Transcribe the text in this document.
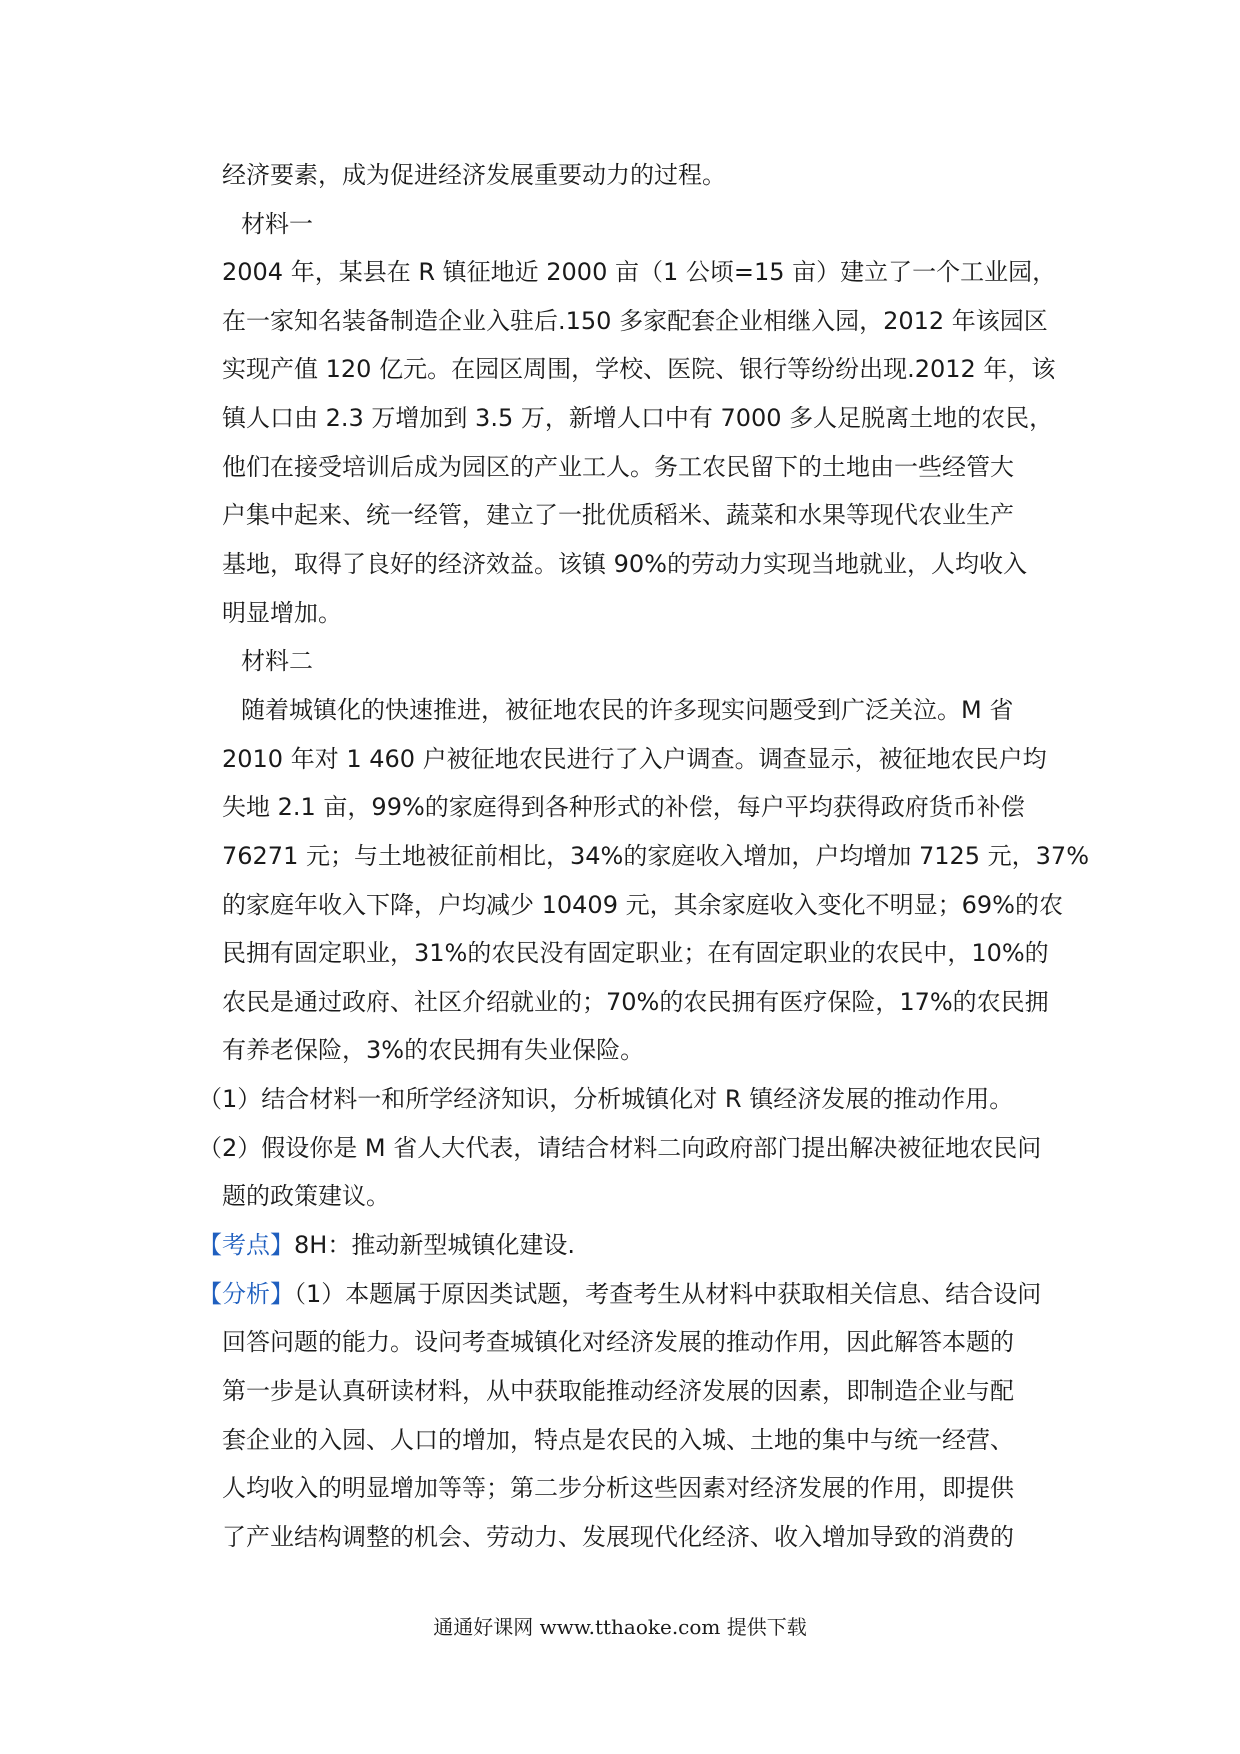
经济要素，成为促进经济发展重要动力的过程。
材料一
2004 年，某县在 R 镇征地近 2000 亩（1 公顷=15 亩）建立了一个工业园，
在一家知名装备制造企业入驻后.150 多家配套企业相继入园，2012 年该园区
实现产值 120 亿元。在园区周围，学校、医院、银行等纷纷出现.2012 年，该
镇人口由 2.3 万增加到 3.5 万，新增人口中有 7000 多人足脱离土地的农民，
他们在接受培训后成为园区的产业工人。务工农民留下的土地由一些经管大
户集中起来、统一经管，建立了一批优质稻米、蔬菜和水果等现代农业生产
基地，取得了良好的经济效益。该镇 90%的劳动力实现当地就业，人均收入
明显增加。
材料二
随着城镇化的快速推进，被征地农民的许多现实问题受到广泛关泣。M 省
2010 年对 1 460 户被征地农民进行了入户调查。调查显示，被征地农民户均
失地 2.1 亩，99%的家庭得到各种形式的补偿，每户平均获得政府货币补偿
76271 元；与土地被征前相比，34%的家庭收入增加，户均增加 7125 元，37%
的家庭年收入下降，户均减少 10409 元，其余家庭收入变化不明显；69%的农
民拥有固定职业，31%的农民没有固定职业；在有固定职业的农民中，10%的
农民是通过政府、社区介绍就业的；70%的农民拥有医疗保险，17%的农民拥
有养老保险，3%的农民拥有失业保险。
（1）结合材料一和所学经济知识，分析城镇化对 R 镇经济发展的推动作用。
（2）假设你是 M 省人大代表，请结合材料二向政府部门提出解决被征地农民问
题的政策建议。
【考点】8H：推动新型城镇化建设.
【分析】（1）本题属于原因类试题，考查考生从材料中获取相关信息、结合设问
回答问题的能力。设问考查城镇化对经济发展的推动作用，因此解答本题的
第一步是认真研读材料，从中获取能推动经济发展的因素，即制造企业与配
套企业的入园、人口的增加，特点是农民的入城、土地的集中与统一经营、
人均收入的明显增加等等；第二步分析这些因素对经济发展的作用，即提供
了产业结构调整的机会、劳动力、发展现代化经济、收入增加导致的消费的
通通好课网 www.tthaoke.com 提供下载
